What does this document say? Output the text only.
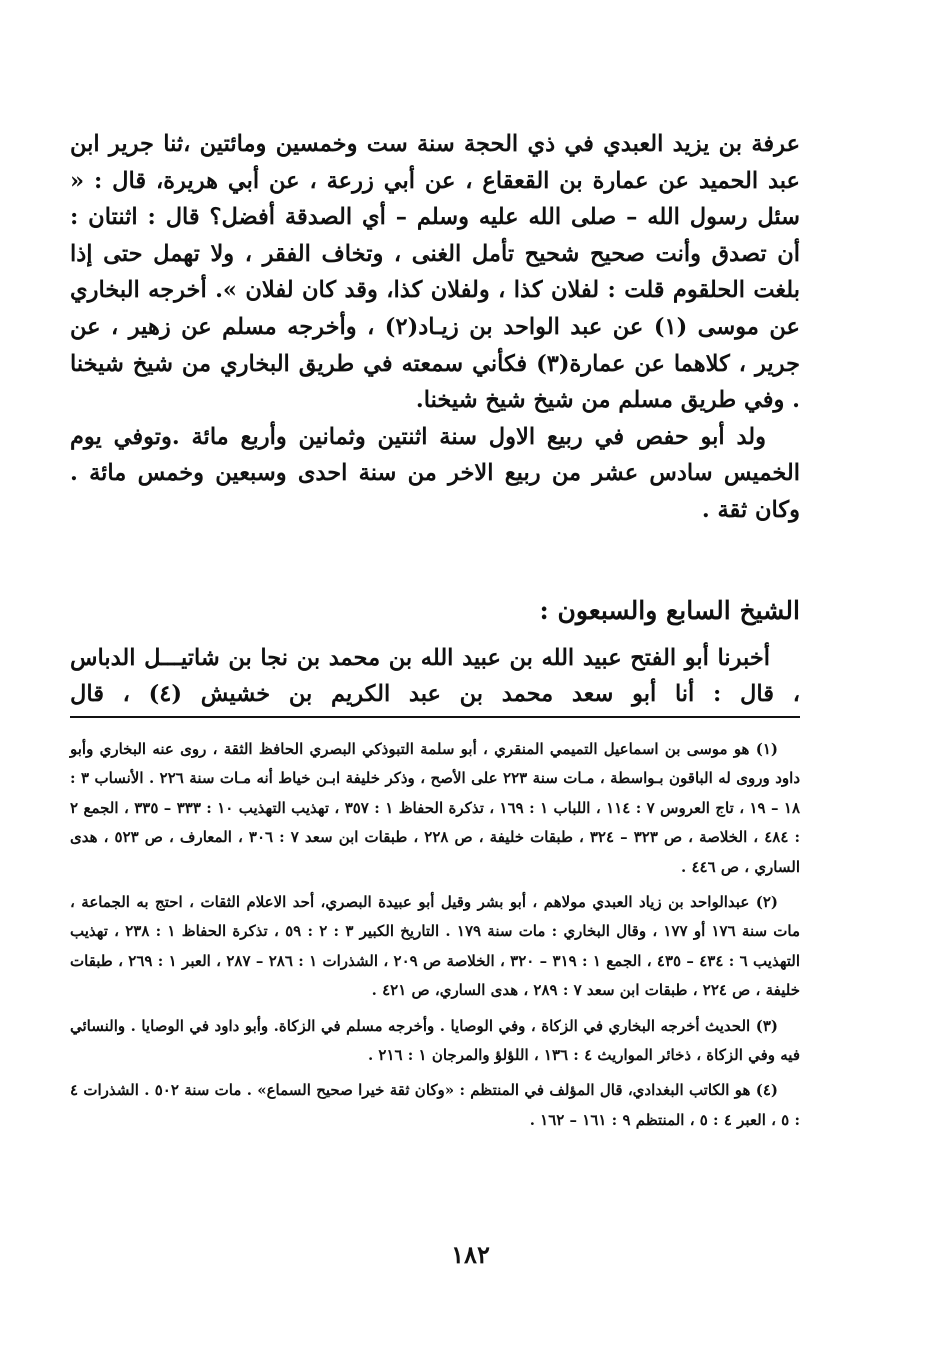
عرفة بن يزيد العبدي في ذي الحجة سنة ست وخمسين ومائتين ،ثنا جرير ابن عبد الحميد عن عمارة بن القعقاع ، عن أبي زرعة ، عن أبي هريرة، قال : « سئل رسول الله – صلى الله عليه وسلم – أي الصدقة أفضل؟ قال : اثنتان : أن تصدق وأنت صحيح شحيح تأمل الغنى ، وتخاف الفقر ، ولا تهمل حتى إذا بلغت الحلقوم قلت : لفلان كذا ، ولفلان كذا، وقد كان لفلان ». أخرجه البخاري عن موسى (١) عن عبد الواحد بن زيـاد(٢) ، وأخرجه مسلم عن زهير ، عن جرير ، كلاهما عن عمارة(٣) فكأني سمعته في طريق البخاري من شيخ شيخنا . وفي طريق مسلم من شيخ شيخ شيخنا.

ولد أبو حفص في ربيع الاول سنة اثنتين وثمانين وأربع مائة .وتوفي يوم الخميس سادس عشر من ربيع الاخر من سنة احدى وسبعين وخمس مائة . وكان ثقة .

الشيخ السابع والسبعون :

أخبرنا أبو الفتح عبيد الله بن عبيد الله بن محمد بن نجا بن شاتيـــل الدباس ، قال : أنا أبو سعد محمد بن عبد الكريم بن خشيش (٤) ، قال

(١) هو موسى بن اسماعيل التميمي المنقري ، أبو سلمة التبوذكي البصري الحافظ الثقة ، روى عنه البخاري وأبو داود وروى له الباقون بـواسطة ، مـات سنة ٢٢٣ على الأصح ، وذكر خليفة ابـن خياط أنه مـات سنة ٢٢٦ . الأنساب ٣ : ١٨ – ١٩ ، تاج العروس ٧ : ١١٤ ، اللباب ١ : ١٦٩ ، تذكرة الحفاظ ١ : ٣٥٧ ، تهذيب التهذيب ١٠ : ٣٣٣ – ٣٣٥ ، الجمع ٢ : ٤٨٤ ، الخلاصة ، ص ٣٢٣ – ٣٢٤ ، طبقات خليفة ، ص ٢٢٨ ، طبقات ابن سعد ٧ : ٣٠٦ ، المعارف ، ص ٥٢٣ ، هدى الساري ، ص ٤٤٦ .

(٢) عبدالواحد بن زياد العبدي مولاهم ، أبو بشر وقيل أبو عبيدة البصري، أحد الاعلام الثقات ، احتج به الجماعة ، مات سنة ١٧٦ أو ١٧٧ ، وقال البخاري : مات سنة ١٧٩ . التاريخ الكبير ٣ : ٢ : ٥٩ ، تذكرة الحفاظ ١ : ٢٣٨ ، تهذيب التهذيب ٦ : ٤٣٤ – ٤٣٥ ، الجمع ١ : ٣١٩ – ٣٢٠ ، الخلاصة ص ٢٠٩ ، الشذرات ١ : ٢٨٦ – ٢٨٧ ، العبر ١ : ٢٦٩ ، طبقات خليفة ، ص ٢٢٤ ، طبقات ابن سعد ٧ : ٢٨٩ ، هدى الساري، ص ٤٢١ .

(٣) الحديث أخرجه البخاري في الزكاة ، وفي الوصايا . وأخرجه مسلم في الزكاة. وأبو داود في الوصايا . والنسائي فيه وفي الزكاة ، ذخائر المواريث ٤ : ١٣٦ ، اللؤلؤ والمرجان ١ : ٢١٦ .

(٤) هو الكاتب البغدادي، قال المؤلف في المنتظم : «وكان ثقة خيرا صحيح السماع» . مات سنة ٥٠٢ . الشذرات ٤ : ٥ ، العبر ٤ : ٥ ، المنتظم ٩ : ١٦١ – ١٦٢ .

١٨٢
